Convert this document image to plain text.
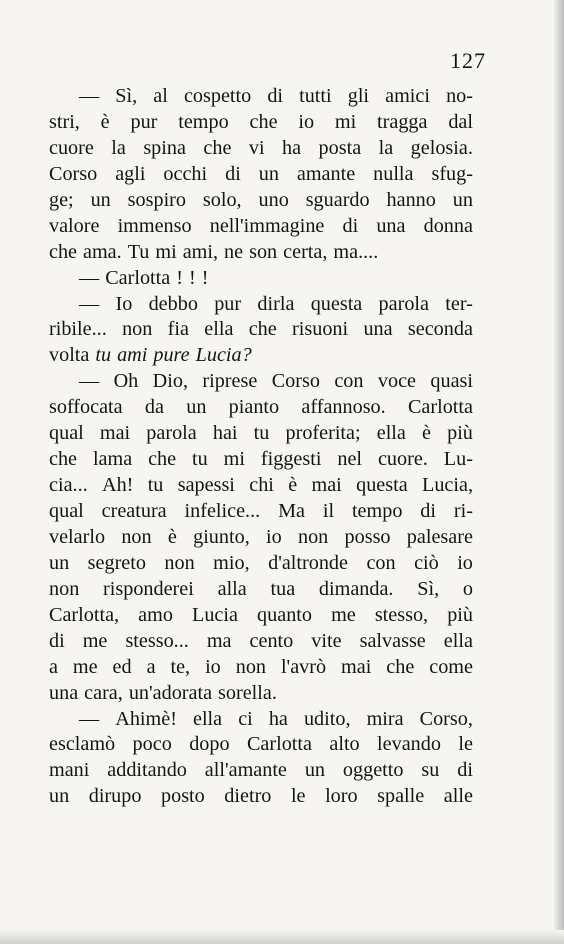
127
— Sì, al cospetto di tutti gli amici no-
stri, è pur tempo che io mi tragga dal
cuore la spina che vi ha posta la gelosia.
Corso agli occhi di un amante nulla sfug-
ge; un sospiro solo, uno sguardo hanno un
valore immenso nell'immagine di una donna
che ama. Tu mi ami, ne son certa, ma....
— Carlotta ! ! !
— Io debbo pur dirla questa parola ter-
ribile... non fia ella che risuoni una seconda
volta tu ami pure Lucia?
— Oh Dio, riprese Corso con voce quasi
soffocata da un pianto affannoso. Carlotta
qual mai parola hai tu proferita; ella è più
che lama che tu mi figgesti nel cuore. Lu-
cia... Ah! tu sapessi chi è mai questa Lucia,
qual creatura infelice... Ma il tempo di ri-
velarlo non è giunto, io non posso palesare
un segreto non mio, d'altronde con ciò io
non risponderei alla tua dimanda. Sì, o
Carlotta, amo Lucia quanto me stesso, più
di me stesso... ma cento vite salvasse ella
a me ed a te, io non l'avrò mai che come
una cara, un'adorata sorella.
— Ahimè! ella ci ha udito, mira Corso,
esclamò poco dopo Carlotta alto levando le
mani additando all'amante un oggetto su di
un dirupo posto dietro le loro spalle alle
